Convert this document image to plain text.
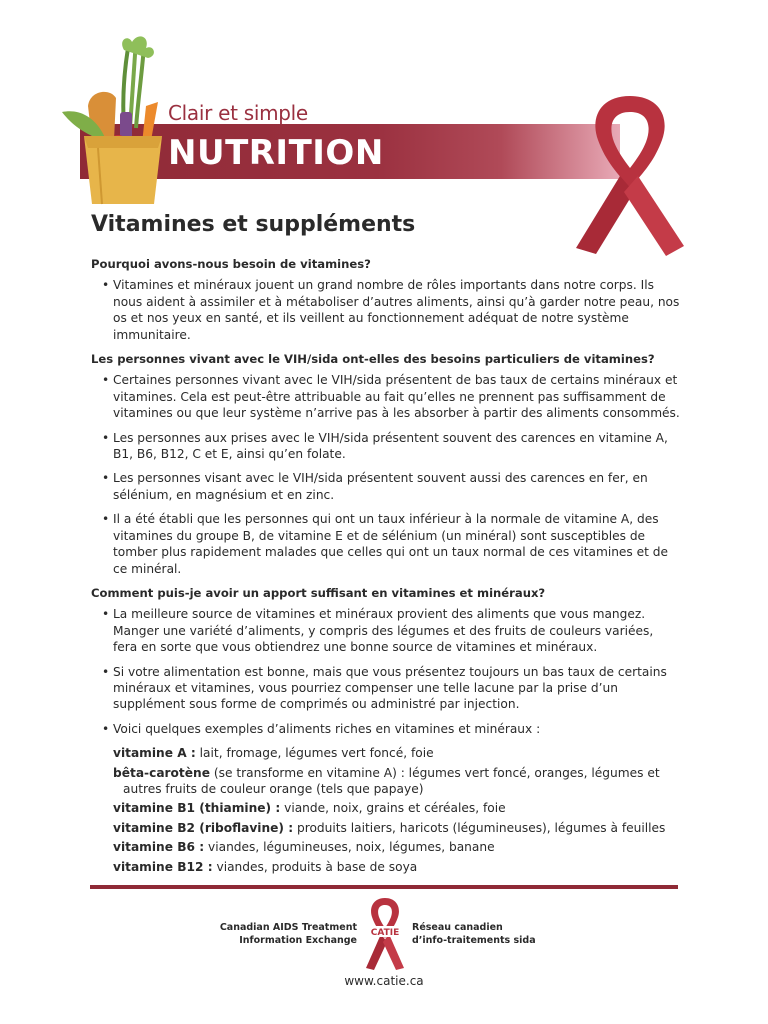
Clair et simple
NUTRITION
Vitamines et suppléments
Pourquoi avons-nous besoin de vitamines?
• Vitamines et minéraux jouent un grand nombre de rôles importants dans notre corps. Ils nous aident à assimiler et à métaboliser d’autres aliments, ainsi qu’à garder notre peau, nos os et nos yeux en santé, et ils veillent au fonctionnement adéquat de notre système immunitaire.
Les personnes vivant avec le VIH/sida ont-elles des besoins particuliers de vitamines?
• Certaines personnes vivant avec le VIH/sida présentent de bas taux de certains minéraux et vitamines. Cela est peut-être attribuable au fait qu’elles ne prennent pas suffisamment de vitamines ou que leur système n’arrive pas à les absorber à partir des aliments consommés.
• Les personnes aux prises avec le VIH/sida présentent souvent des carences en vitamine A, B1, B6, B12, C et E, ainsi qu’en folate.
• Les personnes visant avec le VIH/sida présentent souvent aussi des carences en fer, en sélénium, en magnésium et en zinc.
• Il a été établi que les personnes qui ont un taux inférieur à la normale de vitamine A, des vitamines du groupe B, de vitamine E et de sélénium (un minéral) sont susceptibles de tomber plus rapidement malades que celles qui ont un taux normal de ces vitamines et de ce minéral.
Comment puis-je avoir un apport suffisant en vitamines et minéraux?
• La meilleure source de vitamines et minéraux provient des aliments que vous mangez. Manger une variété d’aliments, y compris des légumes et des fruits de couleurs variées, fera en sorte que vous obtiendrez une bonne source de vitamines et minéraux.
• Si votre alimentation est bonne, mais que vous présentez toujours un bas taux de certains minéraux et vitamines, vous pourriez compenser une telle lacune par la prise d’un supplément sous forme de comprimés ou administré par injection.
• Voici quelques exemples d’aliments riches en vitamines et minéraux :
vitamine A : lait, fromage, légumes vert foncé, foie
bêta-carotène (se transforme en vitamine A) : légumes vert foncé, oranges, légumes et
autres fruits de couleur orange (tels que papaye)
vitamine B1 (thiamine) : viande, noix, grains et céréales, foie
vitamine B2 (riboflavine) : produits laitiers, haricots (légumineuses), légumes à feuilles
vitamine B6 : viandes, légumineuses, noix, légumes, banane
vitamine B12 : viandes, produits à base de soya
Canadian AIDS Treatment
Information Exchange
CATIE Réseau canadien
d’info-traitements sida
www.catie.ca
